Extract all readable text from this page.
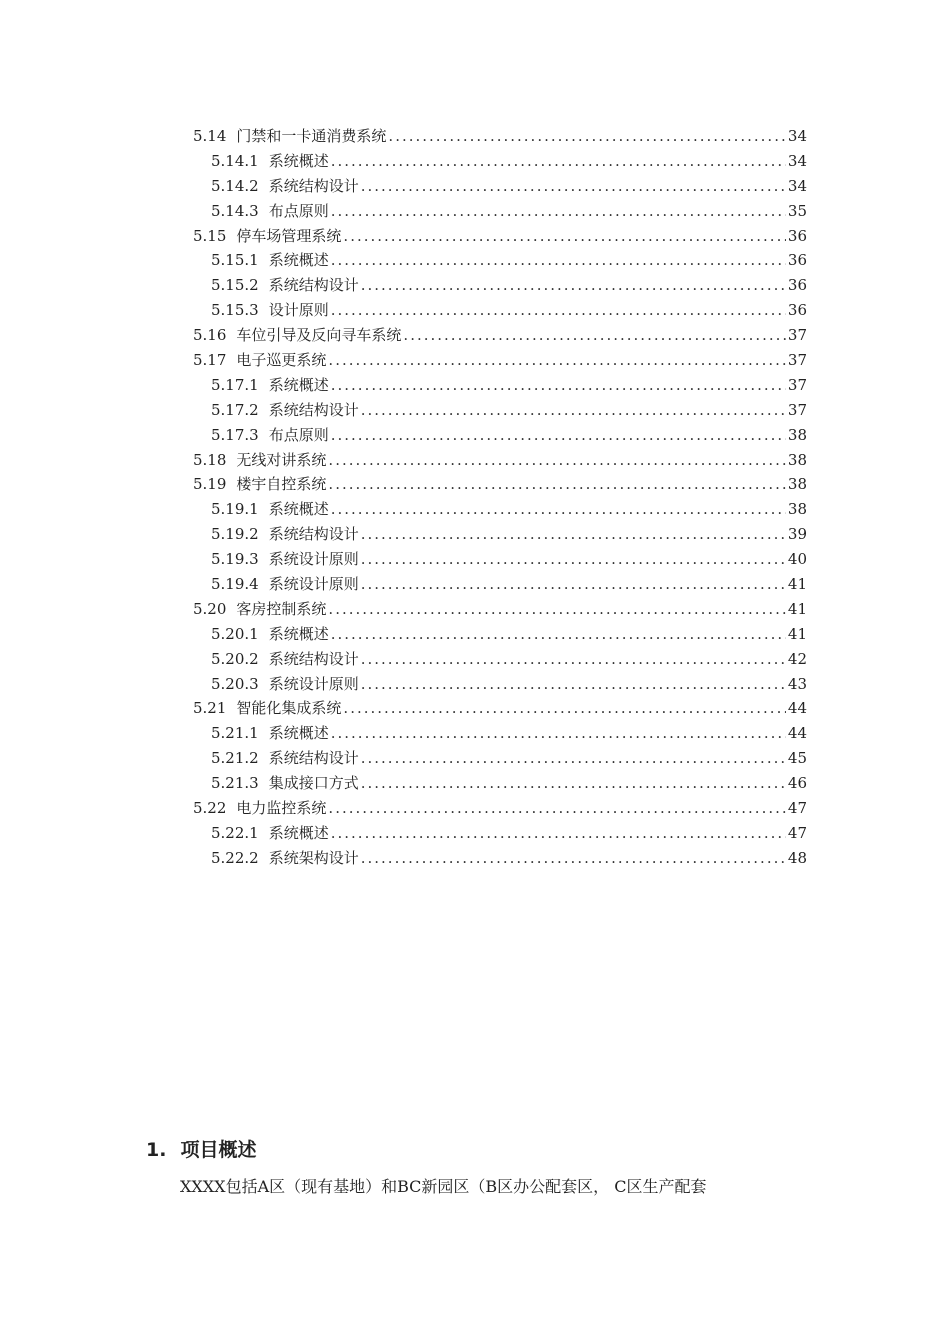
5.14 门禁和一卡通消费系统 .....	34
5.14.1 系统概述 .....	34
5.14.2 系统结构设计 .....	34
5.14.3 布点原则 .....	35
5.15 停车场管理系统 .....	36
5.15.1 系统概述 .....	36
5.15.2 系统结构设计 .....	36
5.15.3 设计原则 .....	36
5.16 车位引导及反向寻车系统 .....	37
5.17 电子巡更系统 .....	37
5.17.1 系统概述 .....	37
5.17.2 系统结构设计 .....	37
5.17.3 布点原则 .....	38
5.18 无线对讲系统 .....	38
5.19 楼宇自控系统 .....	38
5.19.1 系统概述 .....	38
5.19.2 系统结构设计 .....	39
5.19.3 系统设计原则 .....	40
5.19.4 系统设计原则 .....	41
5.20 客房控制系统 .....	41
5.20.1 系统概述 .....	41
5.20.2 系统结构设计 .....	42
5.20.3 系统设计原则 .....	43
5.21 智能化集成系统 .....	44
5.21.1 系统概述 .....	44
5.21.2 系统结构设计 .....	45
5.21.3 集成接口方式 .....	46
5.22 电力监控系统 .....	47
5.22.1 系统概述 .....	47
5.22.2 系统架构设计 .....	48
1. 项目概述
XXXX包括A区（现有基地）和BC新园区（B区办公配套区， C区生产配套
